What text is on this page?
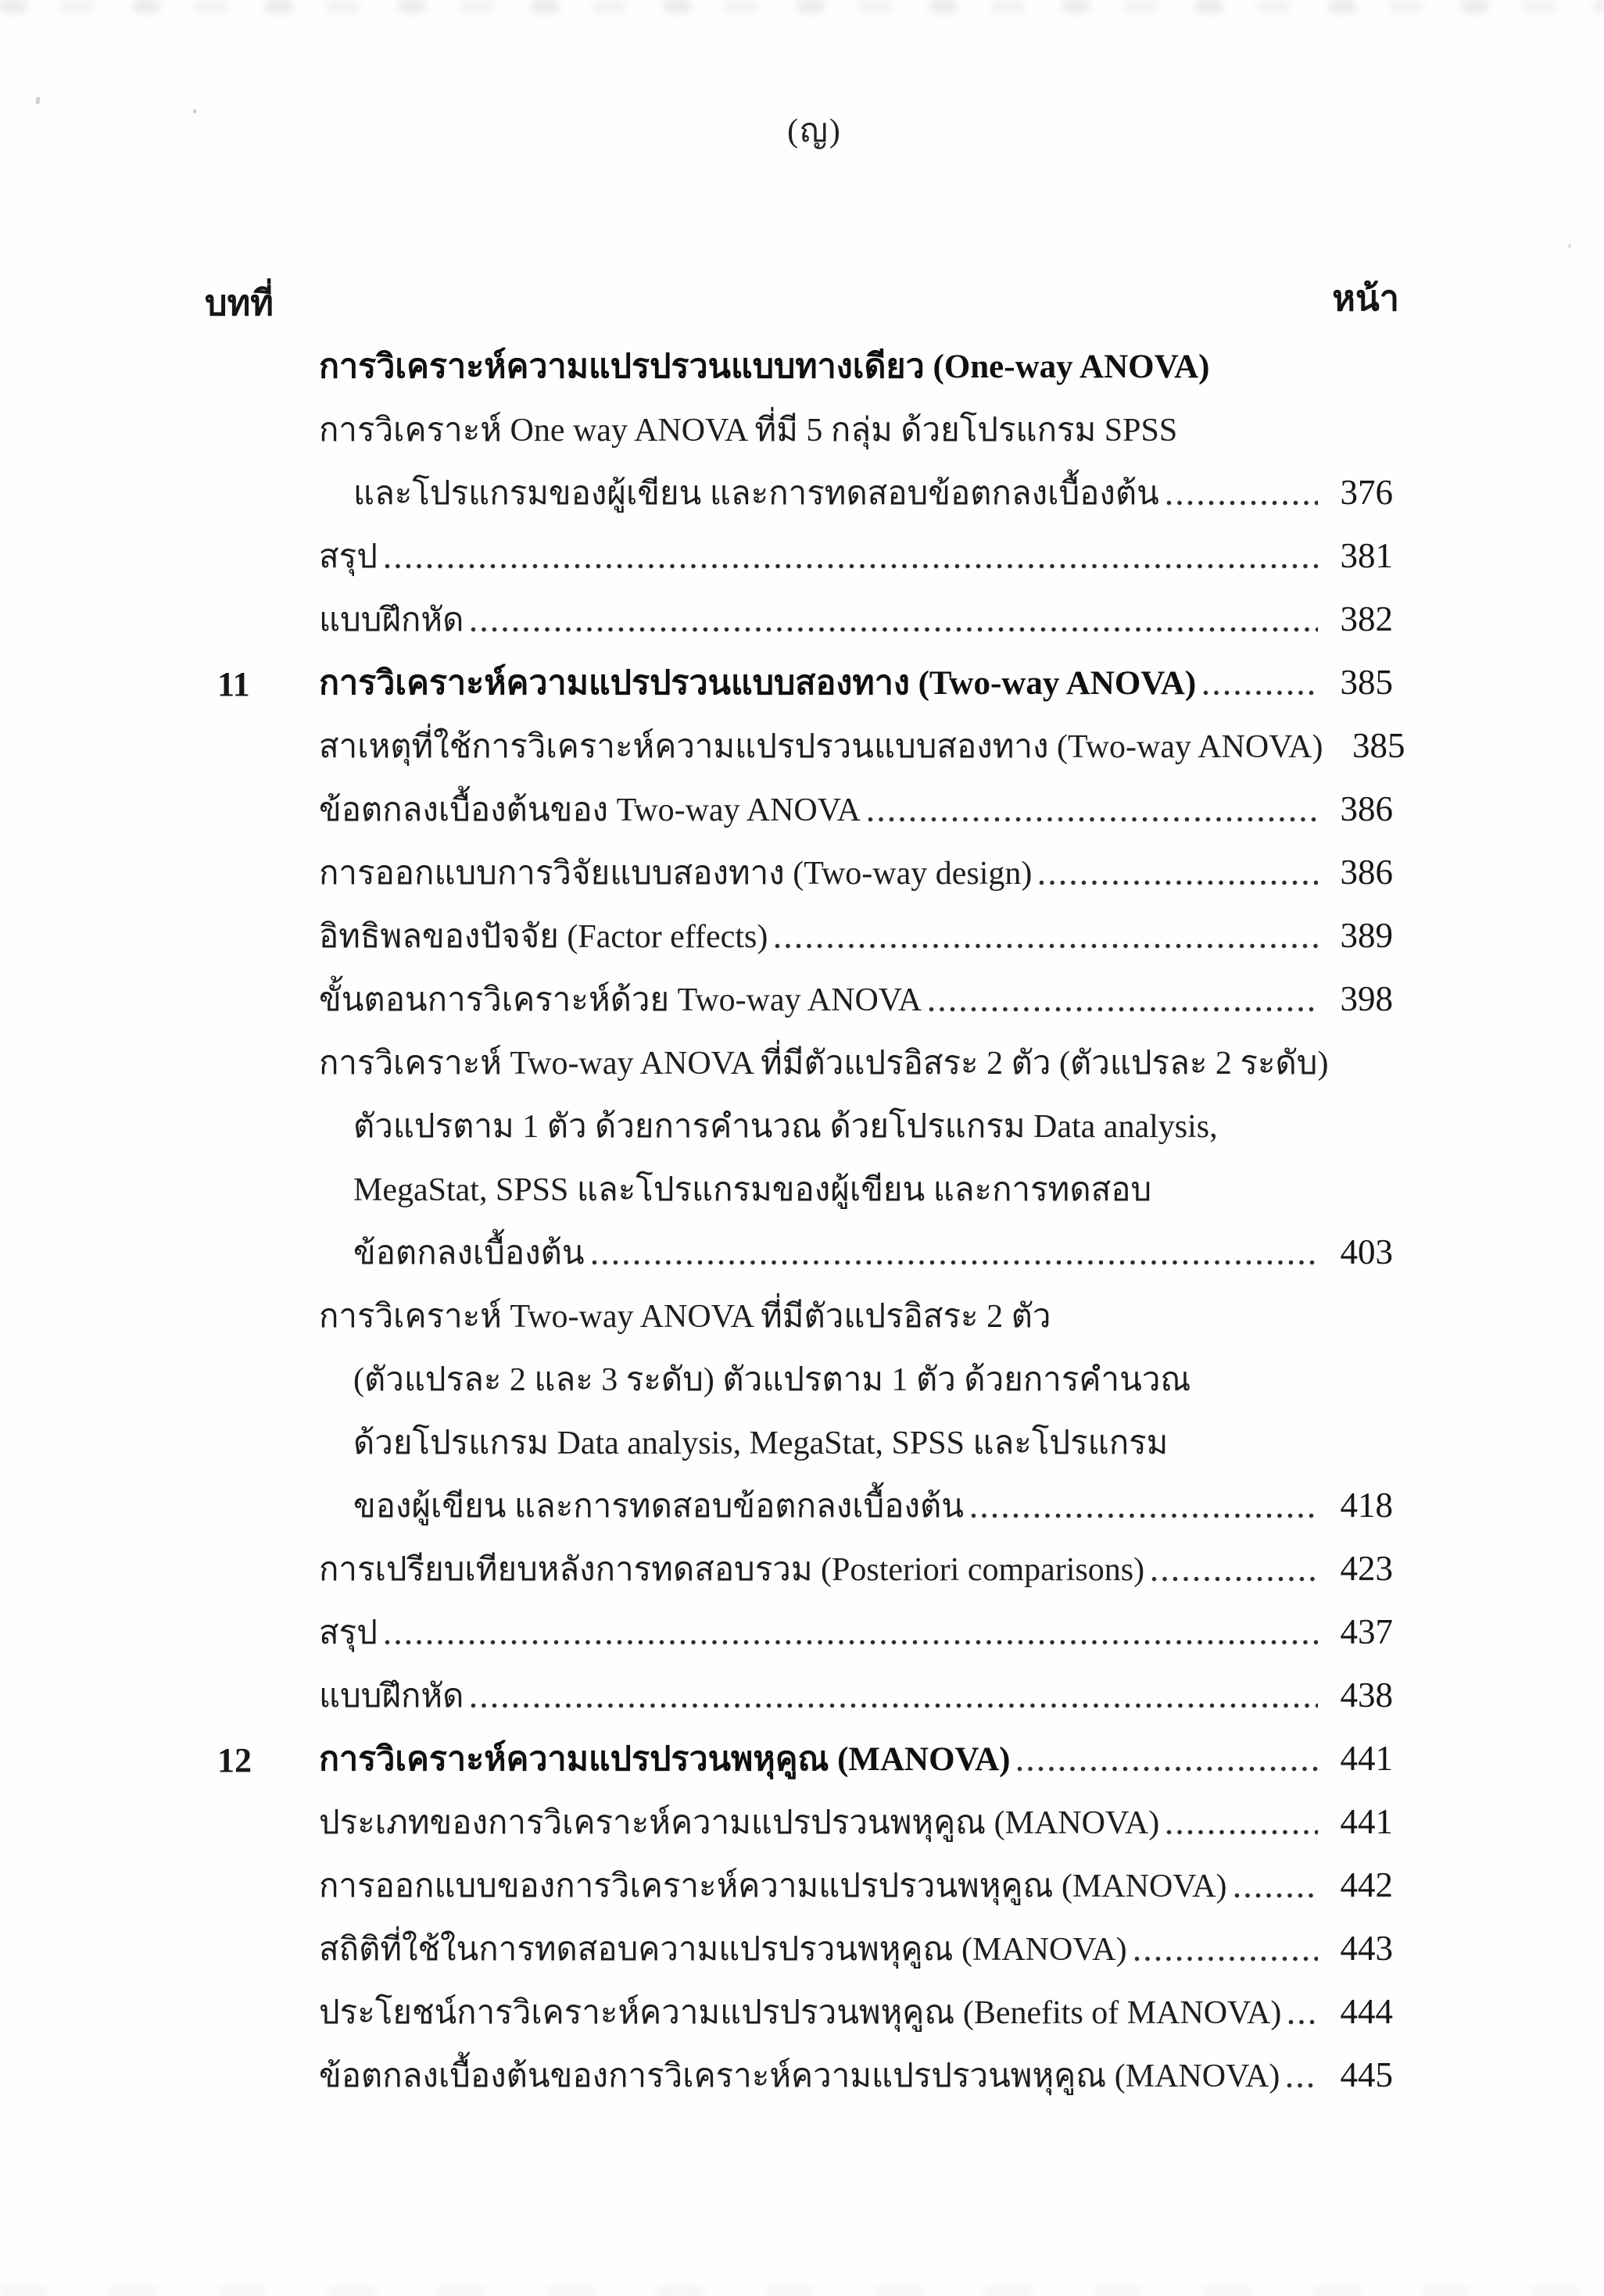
(ญ)
บทที่	หน้า
การวิเคราะห์ความแปรปรวนแบบทางเดียว (One-way ANOVA)
การวิเคราะห์ One way ANOVA ที่มี 5 กลุ่ม ด้วยโปรแกรม SPSS
และโปรแกรมของผู้เขียน และการทดสอบข้อตกลงเบื้องต้น	376
สรุป	381
แบบฝึกหัด	382
11 การวิเคราะห์ความแปรปรวนแบบสองทาง (Two-way ANOVA)	385
สาเหตุที่ใช้การวิเคราะห์ความแปรปรวนแบบสองทาง (Two-way ANOVA) 385
ข้อตกลงเบื้องต้นของ Two-way ANOVA	386
การออกแบบการวิจัยแบบสองทาง (Two-way design)	386
อิทธิพลของปัจจัย (Factor effects)	389
ขั้นตอนการวิเคราะห์ด้วย Two-way ANOVA	398
การวิเคราะห์ Two-way ANOVA ที่มีตัวแปรอิสระ 2 ตัว (ตัวแปรละ 2 ระดับ)
ตัวแปรตาม 1 ตัว ด้วยการคำนวณ ด้วยโปรแกรม Data analysis,
MegaStat, SPSS และโปรแกรมของผู้เขียน และการทดสอบ
ข้อตกลงเบื้องต้น	403
การวิเคราะห์ Two-way ANOVA ที่มีตัวแปรอิสระ 2 ตัว
(ตัวแปรละ 2 และ 3 ระดับ) ตัวแปรตาม 1 ตัว ด้วยการคำนวณ
ด้วยโปรแกรม Data analysis, MegaStat, SPSS และโปรแกรม
ของผู้เขียน และการทดสอบข้อตกลงเบื้องต้น	418
การเปรียบเทียบหลังการทดสอบรวม (Posteriori comparisons)	423
สรุป	437
แบบฝึกหัด	438
12 การวิเคราะห์ความแปรปรวนพหุคูณ (MANOVA)	441
ประเภทของการวิเคราะห์ความแปรปรวนพหุคูณ (MANOVA)	441
การออกแบบของการวิเคราะห์ความแปรปรวนพหุคูณ (MANOVA)	442
สถิติที่ใช้ในการทดสอบความแปรปรวนพหุคูณ (MANOVA)	443
ประโยชน์การวิเคราะห์ความแปรปรวนพหุคูณ (Benefits of MANOVA) 444
ข้อตกลงเบื้องต้นของการวิเคราะห์ความแปรปรวนพหุคูณ (MANOVA) 445
